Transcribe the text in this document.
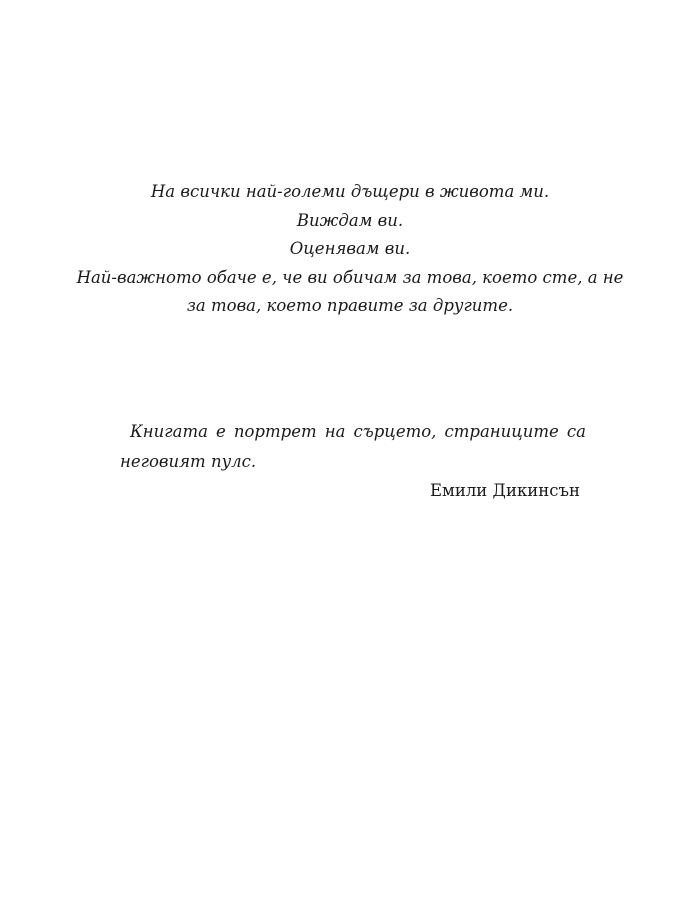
На всички най-големи дъщери в живота ми.
Виждам ви.
Оценявам ви.
Най-важното обаче е, че ви обичам за това, което сте, а не
за това, което правите за другите.
Книгата е портрет на сърцето, страниците са неговият пулс.
Емили Дикинсън
